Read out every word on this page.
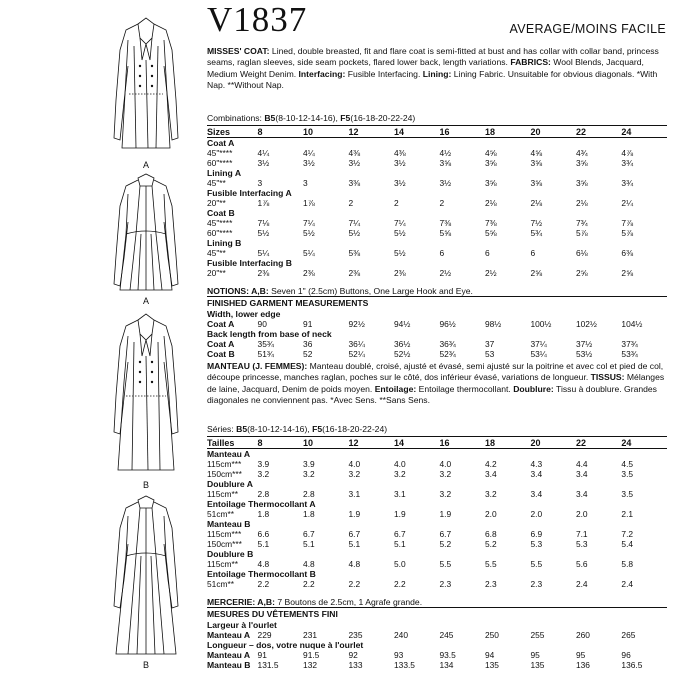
A
A
B
B
V1837	AVERAGE/MOINS FACILE

MISSES' COAT: Lined, double breasted, fit and flare coat is semi-fitted at bust and has collar with collar band, princess seams, raglan sleeves, side seam pockets, flared lower back, length variations. FABRICS: Wool Blends, Jacquard, Medium Weight Denim. Interfacing: Fusible Interfacing. Lining: Lining Fabric. Unsuitable for obvious diagonals. *With Nap. **Without Nap.

Combinations: B5(8-10-12-14-16), F5(16-18-20-22-24)
Sizes	8	10	12	14	16	18	20	22	24
Coat A									
45"****	4¼	4¼	4⅜	4⅜	4½	4⅝	4⅝	4¾	4⅞
60"****	3½	3½	3½	3½	3⅝	3⅝	3⅝	3⅝	3¾
Lining A									
45"**	3	3	3⅜	3½	3½	3⅝	3⅝	3⅝	3¾
Fusible Interfacing A									
20"**	1⅞	1⅞	2	2	2	2⅛	2⅛	2⅛	2¼
Coat B									
45"****	7⅛	7¼	7¼	7¼	7⅜	7⅜	7½	7¾	7⅞
60"****	5½	5½	5½	5½	5⅝	5⅝	5¾	5⅞	5⅞
Lining B									
45"**	5¼	5¼	5⅜	5½	6	6	6	6⅛	6⅜
Fusible Interfacing B									
20"**	2⅜	2⅜	2⅜	2⅜	2½	2½	2⅝	2⅝	2⅝
NOTIONS: A,B: Seven 1" (2.5cm) Buttons, One Large Hook and Eye.
FINISHED GARMENT MEASUREMENTS
Width, lower edge									
Coat A	90	91	92½	94½	96½	98½	100½	102½	104½
Back length from base of neck									
Coat A	35¾	36	36¼	36½	36¾	37	37¼	37½	37¾
Coat B	51¾	52	52¼	52½	52¾	53	53¼	53½	53¾

MANTEAU (J. FEMMES): Manteau doublé, croisé, ajusté et évasé, semi ajusté sur la poitrine et avec col et pied de col, découpe princesse, manches raglan, poches sur le côté, dos inférieur évasé, variations de longueur. TISSUS: Mélanges de laine, Jacquard, Denim de poids moyen. Entoilage: Entoilage thermocollant. Doublure: Tissu à doublure. Grandes diagonales ne conviennent pas. *Avec Sens. **Sans Sens.

Séries: B5(8-10-12-14-16), F5(16-18-20-22-24)
Tailles	8	10	12	14	16	18	20	22	24
Manteau A									
115cm***	3.9	3.9	4.0	4.0	4.0	4.2	4.3	4.4	4.5
150cm***	3.2	3.2	3.2	3.2	3.2	3.4	3.4	3.4	3.5
Doublure A									
115cm**	2.8	2.8	3.1	3.1	3.2	3.2	3.4	3.4	3.5
Entoilage Thermocollant A									
51cm**	1.8	1.8	1.9	1.9	1.9	2.0	2.0	2.0	2.1
Manteau B									
115cm***	6.6	6.7	6.7	6.7	6.7	6.8	6.9	7.1	7.2
150cm***	5.1	5.1	5.1	5.1	5.2	5.2	5.3	5.3	5.4
Doublure B									
115cm**	4.8	4.8	4.8	5.0	5.5	5.5	5.5	5.6	5.8
Entoilage Thermocollant B									
51cm**	2.2	2.2	2.2	2.2	2.3	2.3	2.3	2.4	2.4
MERCERIE: A,B: 7 Boutons de 2.5cm, 1 Agrafe grande.
MESURES DU VÊTEMENTS FINI
Largeur à l'ourlet									
Manteau A	229	231	235	240	245	250	255	260	265
Longueur – dos, votre nuque à l'ourlet									
Manteau A	91	91.5	92	93	93.5	94	95	95	96
Manteau B	131.5	132	133	133.5	134	135	135	136	136.5
